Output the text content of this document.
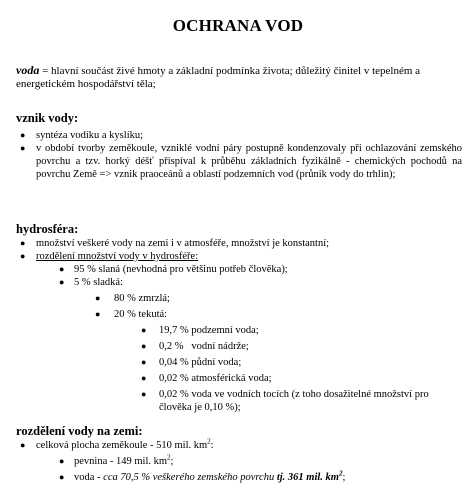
OCHRANA VOD
voda = hlavní součást živé hmoty a základní podmínka života; důležitý činitel v tepelném a energetickém hospodářství těla;
vznik vody:
● syntéza vodíku a kyslíku;
● v období tvorby zeměkoule, vzniklé vodní páry postupně kondenzovaly při ochlazování zemského povrchu a tzv. horký déšť přispíval k průběhu základních fyzikálně - chemických pochodů na povrchu Země => vznik praoceánů a oblastí podzemních vod (průnik vody do trhlin);
hydrosféra:
● množství veškeré vody na zemi i v atmosféře, množství je konstantní;
● rozdělení množství vody v hydrosféře:
● 95 % slaná (nevhodná pro většinu potřeb člověka);
● 5 % sladká:
● 80 % zmrzlá;
● 20 % tekutá:
● 19,7 % podzemní voda;
● 0,2 %   vodní nádrže;
● 0,04 % půdní voda;
● 0,02 % atmosférická voda;
● 0,02 % voda ve vodních tocích (z toho dosažitelné množství pro člověka je 0,10 %);
rozdělení vody na zemi:
● celková plocha zeměkoule - 510 mil. $km^2$:
● pevnina - 149 mil. $km^2$;
● voda - cca 70,5 % veškerého zemského povrchu tj. 361 mil. $km^2$;
